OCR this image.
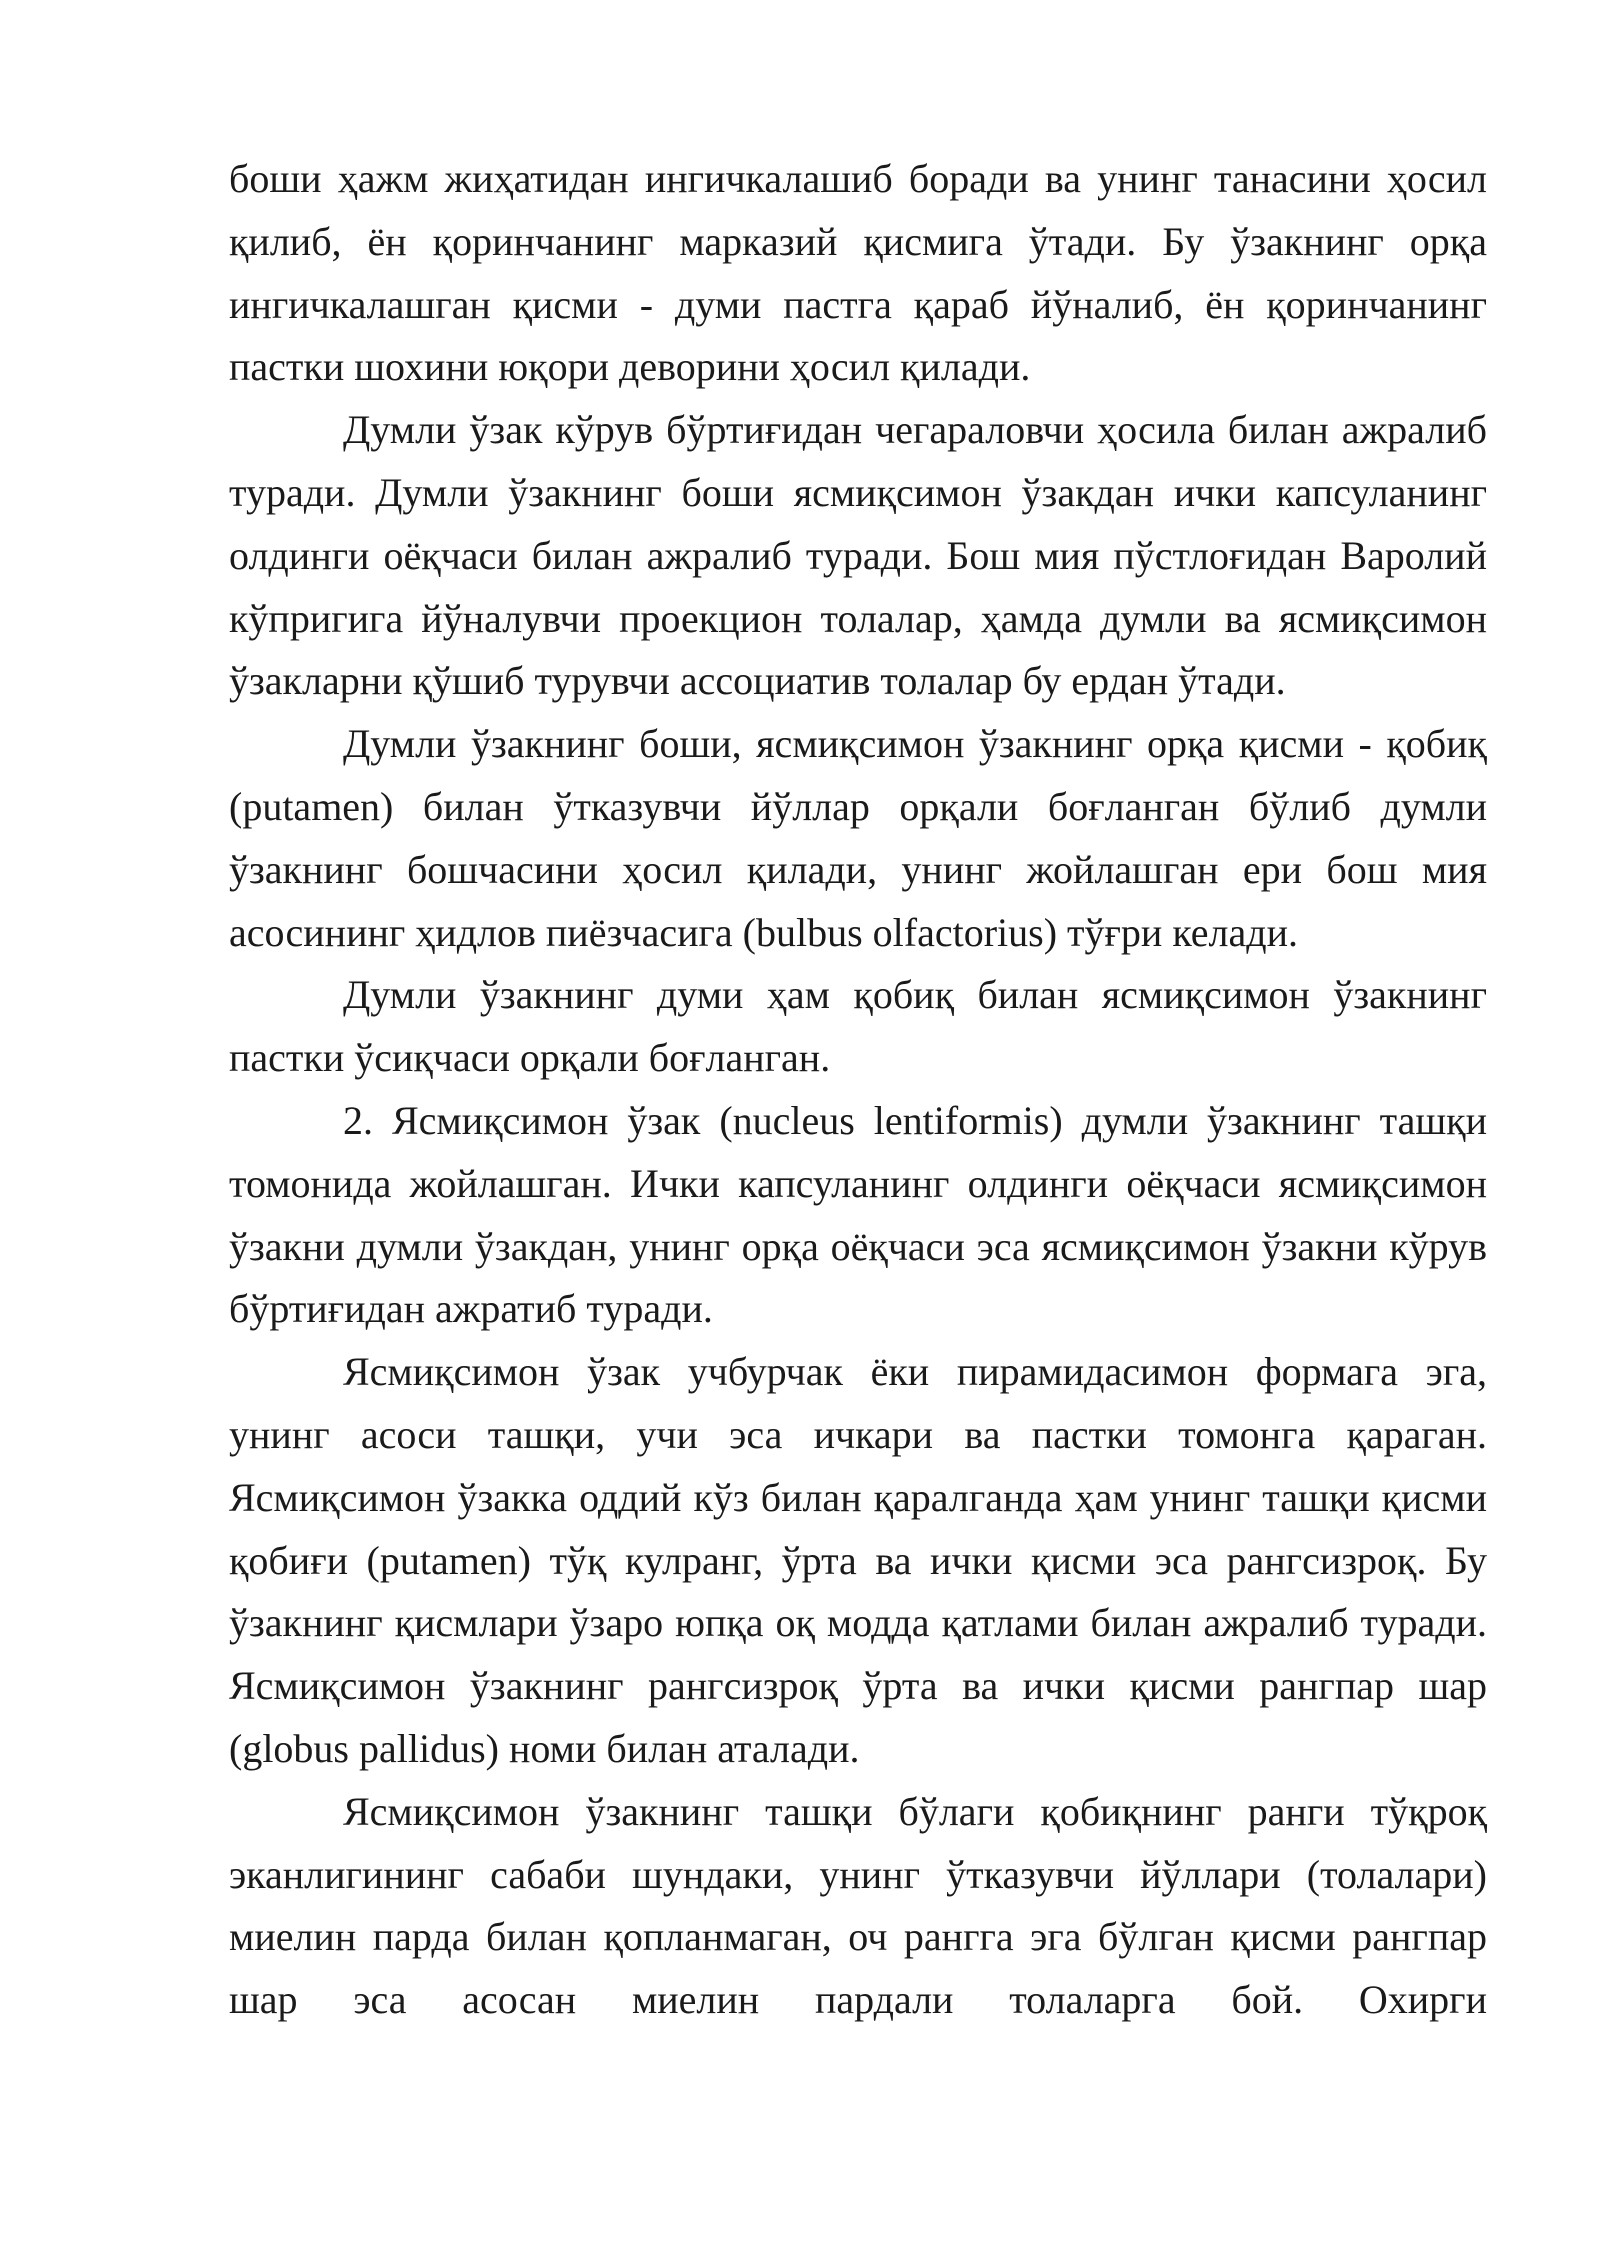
боши ҳажм жиҳатидан ингичкалашиб боради ва унинг танасини ҳосил қилиб, ён қоринчанинг марказий қисмига ўтади. Бу ўзакнинг орқа ингичкалашган қисми - думи пастга қараб йўналиб, ён қоринчанинг пастки шохини юқори деворини ҳосил қилади.

Думли ўзак кўрув бўртиғидан чегараловчи ҳосила билан ажралиб туради. Думли ўзакнинг боши ясмиқсимон ўзакдан ички капсуланинг олдинги оёқчаси билан ажралиб туради. Бош мия пўстлоғидан Варолий кўпригига йўналувчи проекцион толалар, ҳамда думли ва ясмиқсимон ўзакларни қўшиб турувчи ассоциатив толалар бу ердан ўтади.

Думли ўзакнинг боши, ясмиқсимон ўзакнинг орқа қисми - қобиқ (putamen) билан ўтказувчи йўллар орқали боғланган бўлиб думли ўзакнинг бошчасини ҳосил қилади, унинг жойлашган ери бош мия асосининг ҳидлов пиёзчасига (bulbus olfactorius) тўғри келади.

Думли ўзакнинг думи ҳам қобиқ билан ясмиқсимон ўзакнинг пастки ўсиқчаси орқали боғланган.

2. Ясмиқсимон ўзак (nucleus lentiformis) думли ўзакнинг ташқи томонида жойлашган. Ички капсуланинг олдинги оёқчаси ясмиқсимон ўзакни думли ўзакдан, унинг орқа оёқчаси эса ясмиқсимон ўзакни кўрув бўртиғидан ажратиб туради.

Ясмиқсимон ўзак учбурчак ёки пирамидасимон формага эга, унинг асоси ташқи, учи эса ичкари ва пастки томонга қараган. Ясмиқсимон ўзакка оддий кўз билан қаралганда ҳам унинг ташқи қисми қобиғи (putamen) тўқ кулранг, ўрта ва ички қисми эса рангсизроқ. Бу ўзакнинг қисмлари ўзаро юпқа оқ модда қатлами билан ажралиб туради. Ясмиқсимон ўзакнинг рангсизроқ ўрта ва ички қисми рангпар шар (globus pallidus) номи билан аталади.

Ясмиқсимон ўзакнинг ташқи бўлаги қобиқнинг ранги тўқроқ эканлигининг сабаби шундаки, унинг ўтказувчи йўллари (толалари) миелин парда билан қопланмаган, оч рангга эга бўлган қисми рангпар шар эса асосан миелин пардали толаларга бой. Охирги
